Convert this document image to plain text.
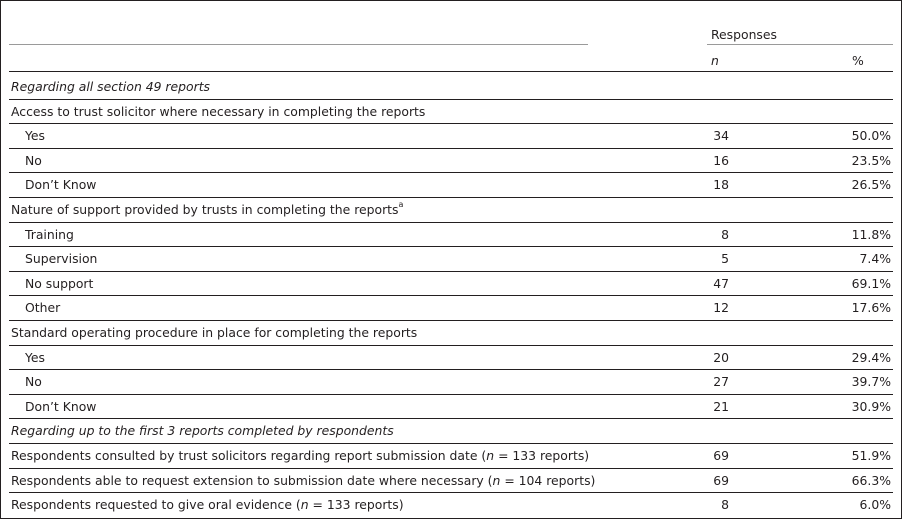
Responses
n	%
Regarding all section 49 reports
Access to trust solicitor where necessary in completing the reports
Yes	34	50.0%
No	16	23.5%
Don’t Know	18	26.5%
Nature of support provided by trusts in completing the reports$^a$
Training	8	11.8%
Supervision	5	7.4%
No support	47	69.1%
Other	12	17.6%
Standard operating procedure in place for completing the reports
Yes	20	29.4%
No	27	39.7%
Don’t Know	21	30.9%
Regarding up to the first 3 reports completed by respondents
Respondents consulted by trust solicitors regarding report submission date (n = 133 reports)	69	51.9%
Respondents able to request extension to submission date where necessary (n = 104 reports)	69	66.3%
Respondents requested to give oral evidence (n = 133 reports)	8	6.0%
